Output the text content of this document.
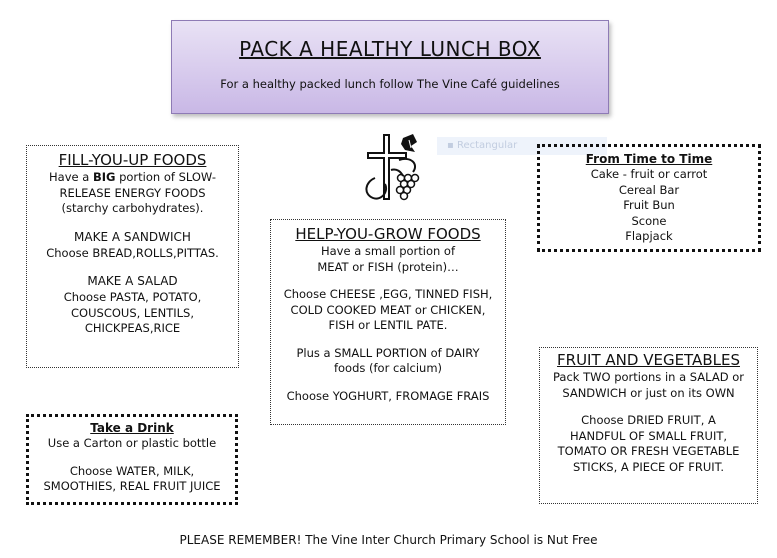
PACK A HEALTHY LUNCH BOX
For a healthy packed lunch follow The Vine Café guidelines
▪ Rectangular
FILL-YOU-UP FOODS

Have a BIG portion of SLOW-

RELEASE ENERGY FOODS

(starchy carbohydrates).

MAKE A SANDWICH

Choose BREAD,ROLLS,PITTAS.

MAKE A SALAD

Choose PASTA, POTATO,

COUSCOUS, LENTILS,

CHICKPEAS,RICE

HELP-YOU-GROW FOODS

Have a small portion of

MEAT or FISH (protein)…

Choose CHEESE ,EGG, TINNED FISH,

COLD COOKED MEAT or CHICKEN,

FISH or LENTIL PATE.

Plus a SMALL PORTION of DAIRY

foods (for calcium)

Choose YOGHURT, FROMAGE FRAIS

From Time to Time

Cake - fruit or carrot

Cereal Bar

Fruit Bun

Scone

Flapjack

FRUIT AND VEGETABLES

Pack TWO portions in a SALAD or

SANDWICH or just on its OWN

Choose DRIED FRUIT, A

HANDFUL OF SMALL FRUIT,

TOMATO OR FRESH VEGETABLE

STICKS, A PIECE OF FRUIT.

Take a Drink

Use a Carton or plastic bottle

Choose WATER, MILK,

SMOOTHIES, REAL FRUIT JUICE

PLEASE REMEMBER! The Vine Inter Church Primary School is Nut Free
